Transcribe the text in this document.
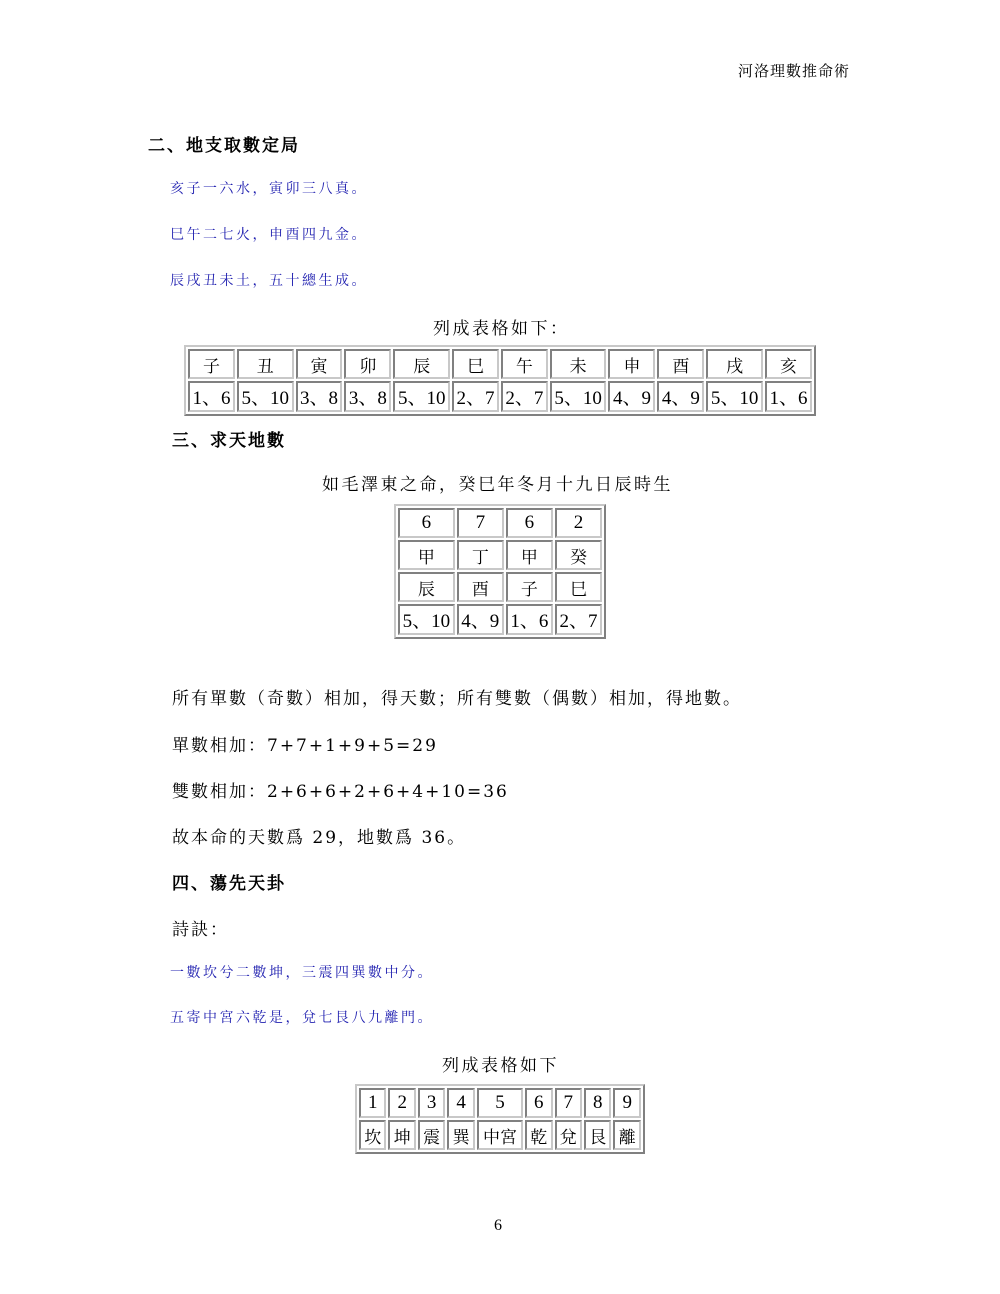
河洛理數推命術
二、地支取數定局
亥子一六水，寅卯三八真。
巳午二七火，申酉四九金。
辰戌丑未土，五十總生成。
列成表格如下：
子	丑	寅	卯	辰	巳	午	未	申	酉	戌	亥
1、6	5、10	3、8	3、8	5、10	2、7	2、7	5、10	4、9	4、9	5、10	1、6
三、求天地數
如毛澤東之命，癸巳年冬月十九日辰時生
6	7	6	2
甲	丁	甲	癸
辰	酉	子	巳
5、10	4、9	1、6	2、7
所有單數（奇數）相加，得天數；所有雙數（偶數）相加，得地數。
單數相加：7+7+1+9+5=29
雙數相加：2+6+6+2+6+4+10=36
故本命的天數爲 29，地數爲 36。
四、蕩先天卦
詩訣：
一數坎兮二數坤，三震四巽數中分。
五寄中宮六乾是，兌七艮八九離門。
列成表格如下
1	2	3	4	5	6	7	8	9
坎	坤	震	巽	中宮	乾	兌	艮	離
6
